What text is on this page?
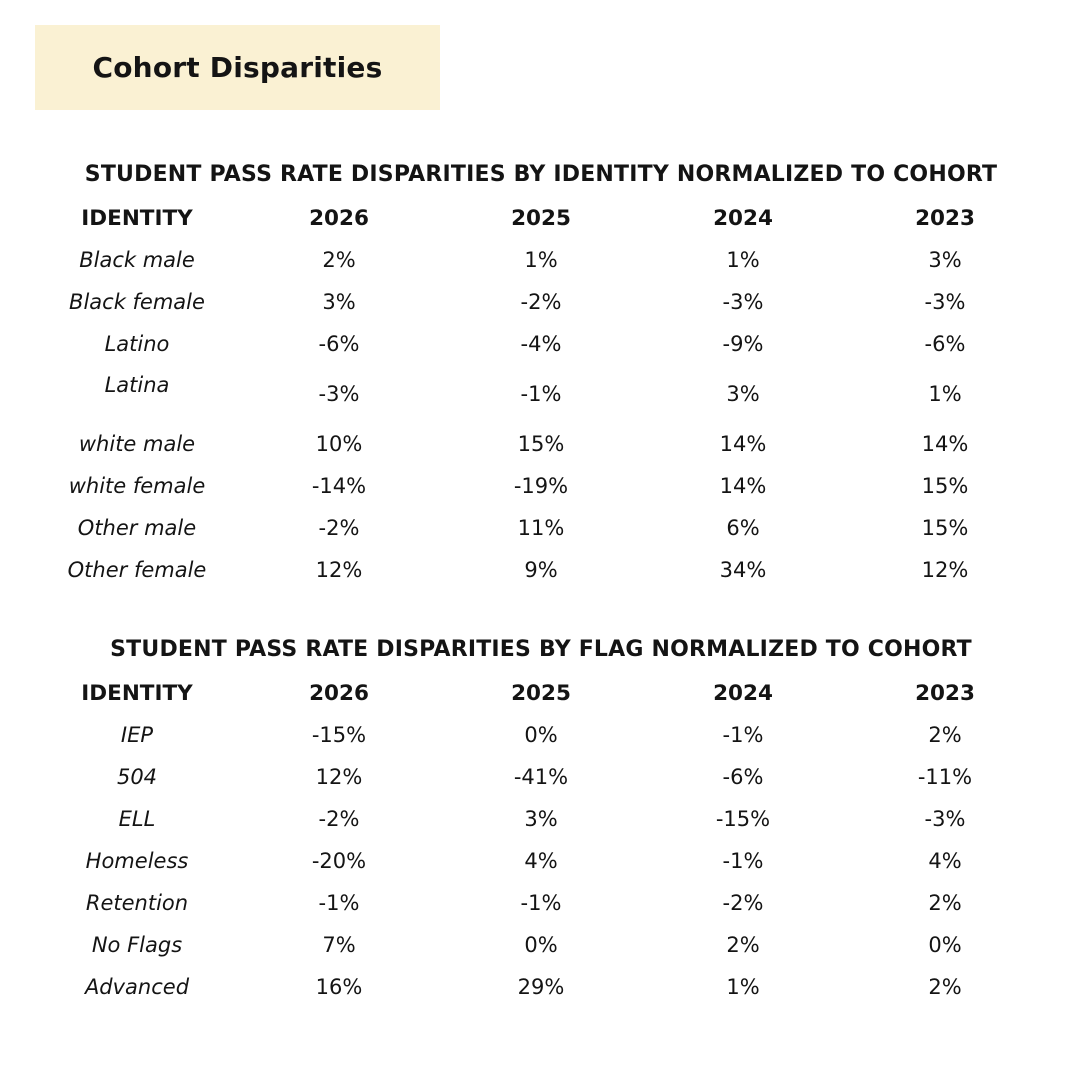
Cohort Disparities
STUDENT PASS RATE DISPARITIES BY IDENTITY NORMALIZED TO COHORT
IDENTITY	2026	2025	2024	2023
Black male	2%	1%	1%	3%
Black female	3%	-2%	-3%	-3%
Latino	-6%	-4%	-9%	-6%
Latina	-3%	-1%	3%	1%
white male	10%	15%	14%	14%
white female	-14%	-19%	14%	15%
Other male	-2%	11%	6%	15%
Other female	12%	9%	34%	12%
STUDENT PASS RATE DISPARITIES BY FLAG NORMALIZED TO COHORT
IDENTITY	2026	2025	2024	2023
IEP	-15%	0%	-1%	2%
504	12%	-41%	-6%	-11%
ELL	-2%	3%	-15%	-3%
Homeless	-20%	4%	-1%	4%
Retention	-1%	-1%	-2%	2%
No Flags	7%	0%	2%	0%
Advanced	16%	29%	1%	2%
